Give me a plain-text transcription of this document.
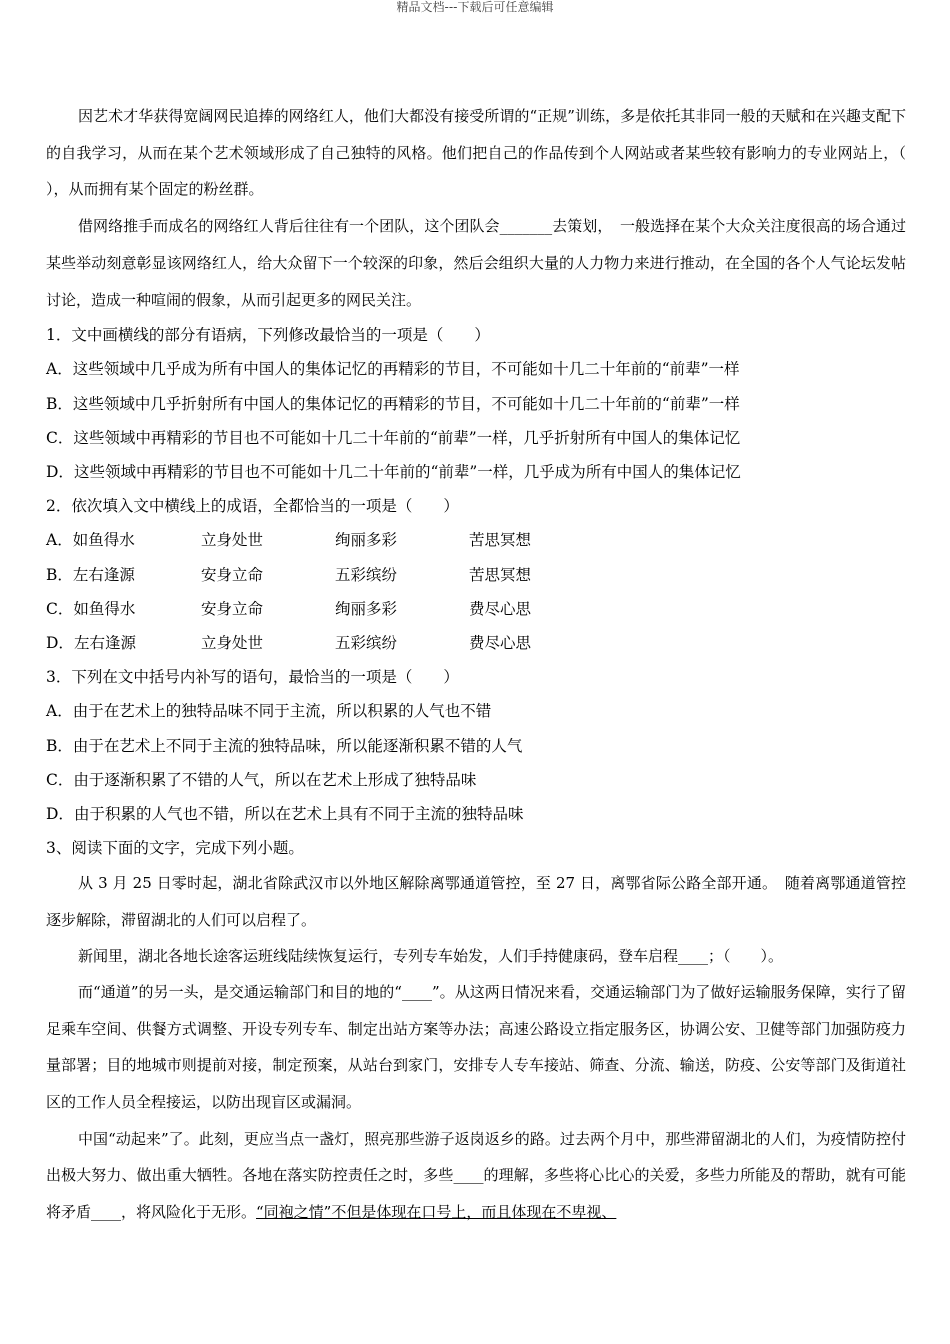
精品文档---下载后可任意编辑

因艺术才华获得宽阔网民追捧的网络红人，他们大都没有接受所谓的“正规”训练，多是依托其非同一般的天赋和在兴趣支配下的自我学习，从而在某个艺术领域形成了自己独特的风格。他们把自己的作品传到个人网站或者某些较有影响力的专业网站上，（　　），从而拥有某个固定的粉丝群。

借网络推手而成名的网络红人背后往往有一个团队，这个团队会_______去策划，　一般选择在某个大众关注度很高的场合通过某些举动刻意彰显该网络红人，给大众留下一个较深的印象，然后会组织大量的人力物力来进行推动，在全国的各个人气论坛发帖讨论，造成一种喧闹的假象，从而引起更多的网民关注。

1．文中画横线的部分有语病，下列修改最恰当的一项是（　　）

A．这些领域中几乎成为所有中国人的集体记忆的再精彩的节目，不可能如十几二十年前的“前辈”一样

B．这些领域中几乎折射所有中国人的集体记忆的再精彩的节目，不可能如十几二十年前的“前辈”一样

C．这些领域中再精彩的节目也不可能如十几二十年前的“前辈”一样，几乎折射所有中国人的集体记忆

D．这些领域中再精彩的节目也不可能如十几二十年前的“前辈”一样，几乎成为所有中国人的集体记忆

2．依次填入文中横线上的成语，全都恰当的一项是（　　）

A．如鱼得水	立身处世	绚丽多彩	苦思冥想
B．左右逢源	安身立命	五彩缤纷	苦思冥想
C．如鱼得水	安身立命	绚丽多彩	费尽心思
D．左右逢源	立身处世	五彩缤纷	费尽心思

3．下列在文中括号内补写的语句，最恰当的一项是（　　）

A．由于在艺术上的独特品味不同于主流，所以积累的人气也不错

B．由于在艺术上不同于主流的独特品味，所以能逐渐积累不错的人气

C．由于逐渐积累了不错的人气，所以在艺术上形成了独特品味

D．由于积累的人气也不错，所以在艺术上具有不同于主流的独特品味

3、阅读下面的文字，完成下列小题。

从 3 月 25 日零时起，湖北省除武汉市以外地区解除离鄂通道管控，至 27 日，离鄂省际公路全部开通。　随着离鄂通道管控逐步解除，滞留湖北的人们可以启程了。

新闻里，湖北各地长途客运班线陆续恢复运行，专列专车始发，人们手持健康码，登车启程____；（　　）。

而“通道”的另一头，是交通运输部门和目的地的“____”。从这两日情况来看，交通运输部门为了做好运输服务保障，实行了留足乘车空间、供餐方式调整、开设专列专车、制定出站方案等办法；高速公路设立指定服务区，协调公安、卫健等部门加强防疫力量部署；目的地城市则提前对接，制定预案，从站台到家门，安排专人专车接站、筛查、分流、输送，防疫、公安等部门及街道社区的工作人员全程接运，以防出现盲区或漏洞。

中国“动起来”了。此刻，更应当点一盏灯，照亮那些游子返岗返乡的路。过去两个月中，那些滞留湖北的人们，为疫情防控付出极大努力、做出重大牺牲。各地在落实防控责任之时，多些____的理解，多些将心比心的关爱，多些力所能及的帮助，就有可能将矛盾____，将风险化于无形。“同袍之情”不但是体现在口号上，而且体现在不卑视、
